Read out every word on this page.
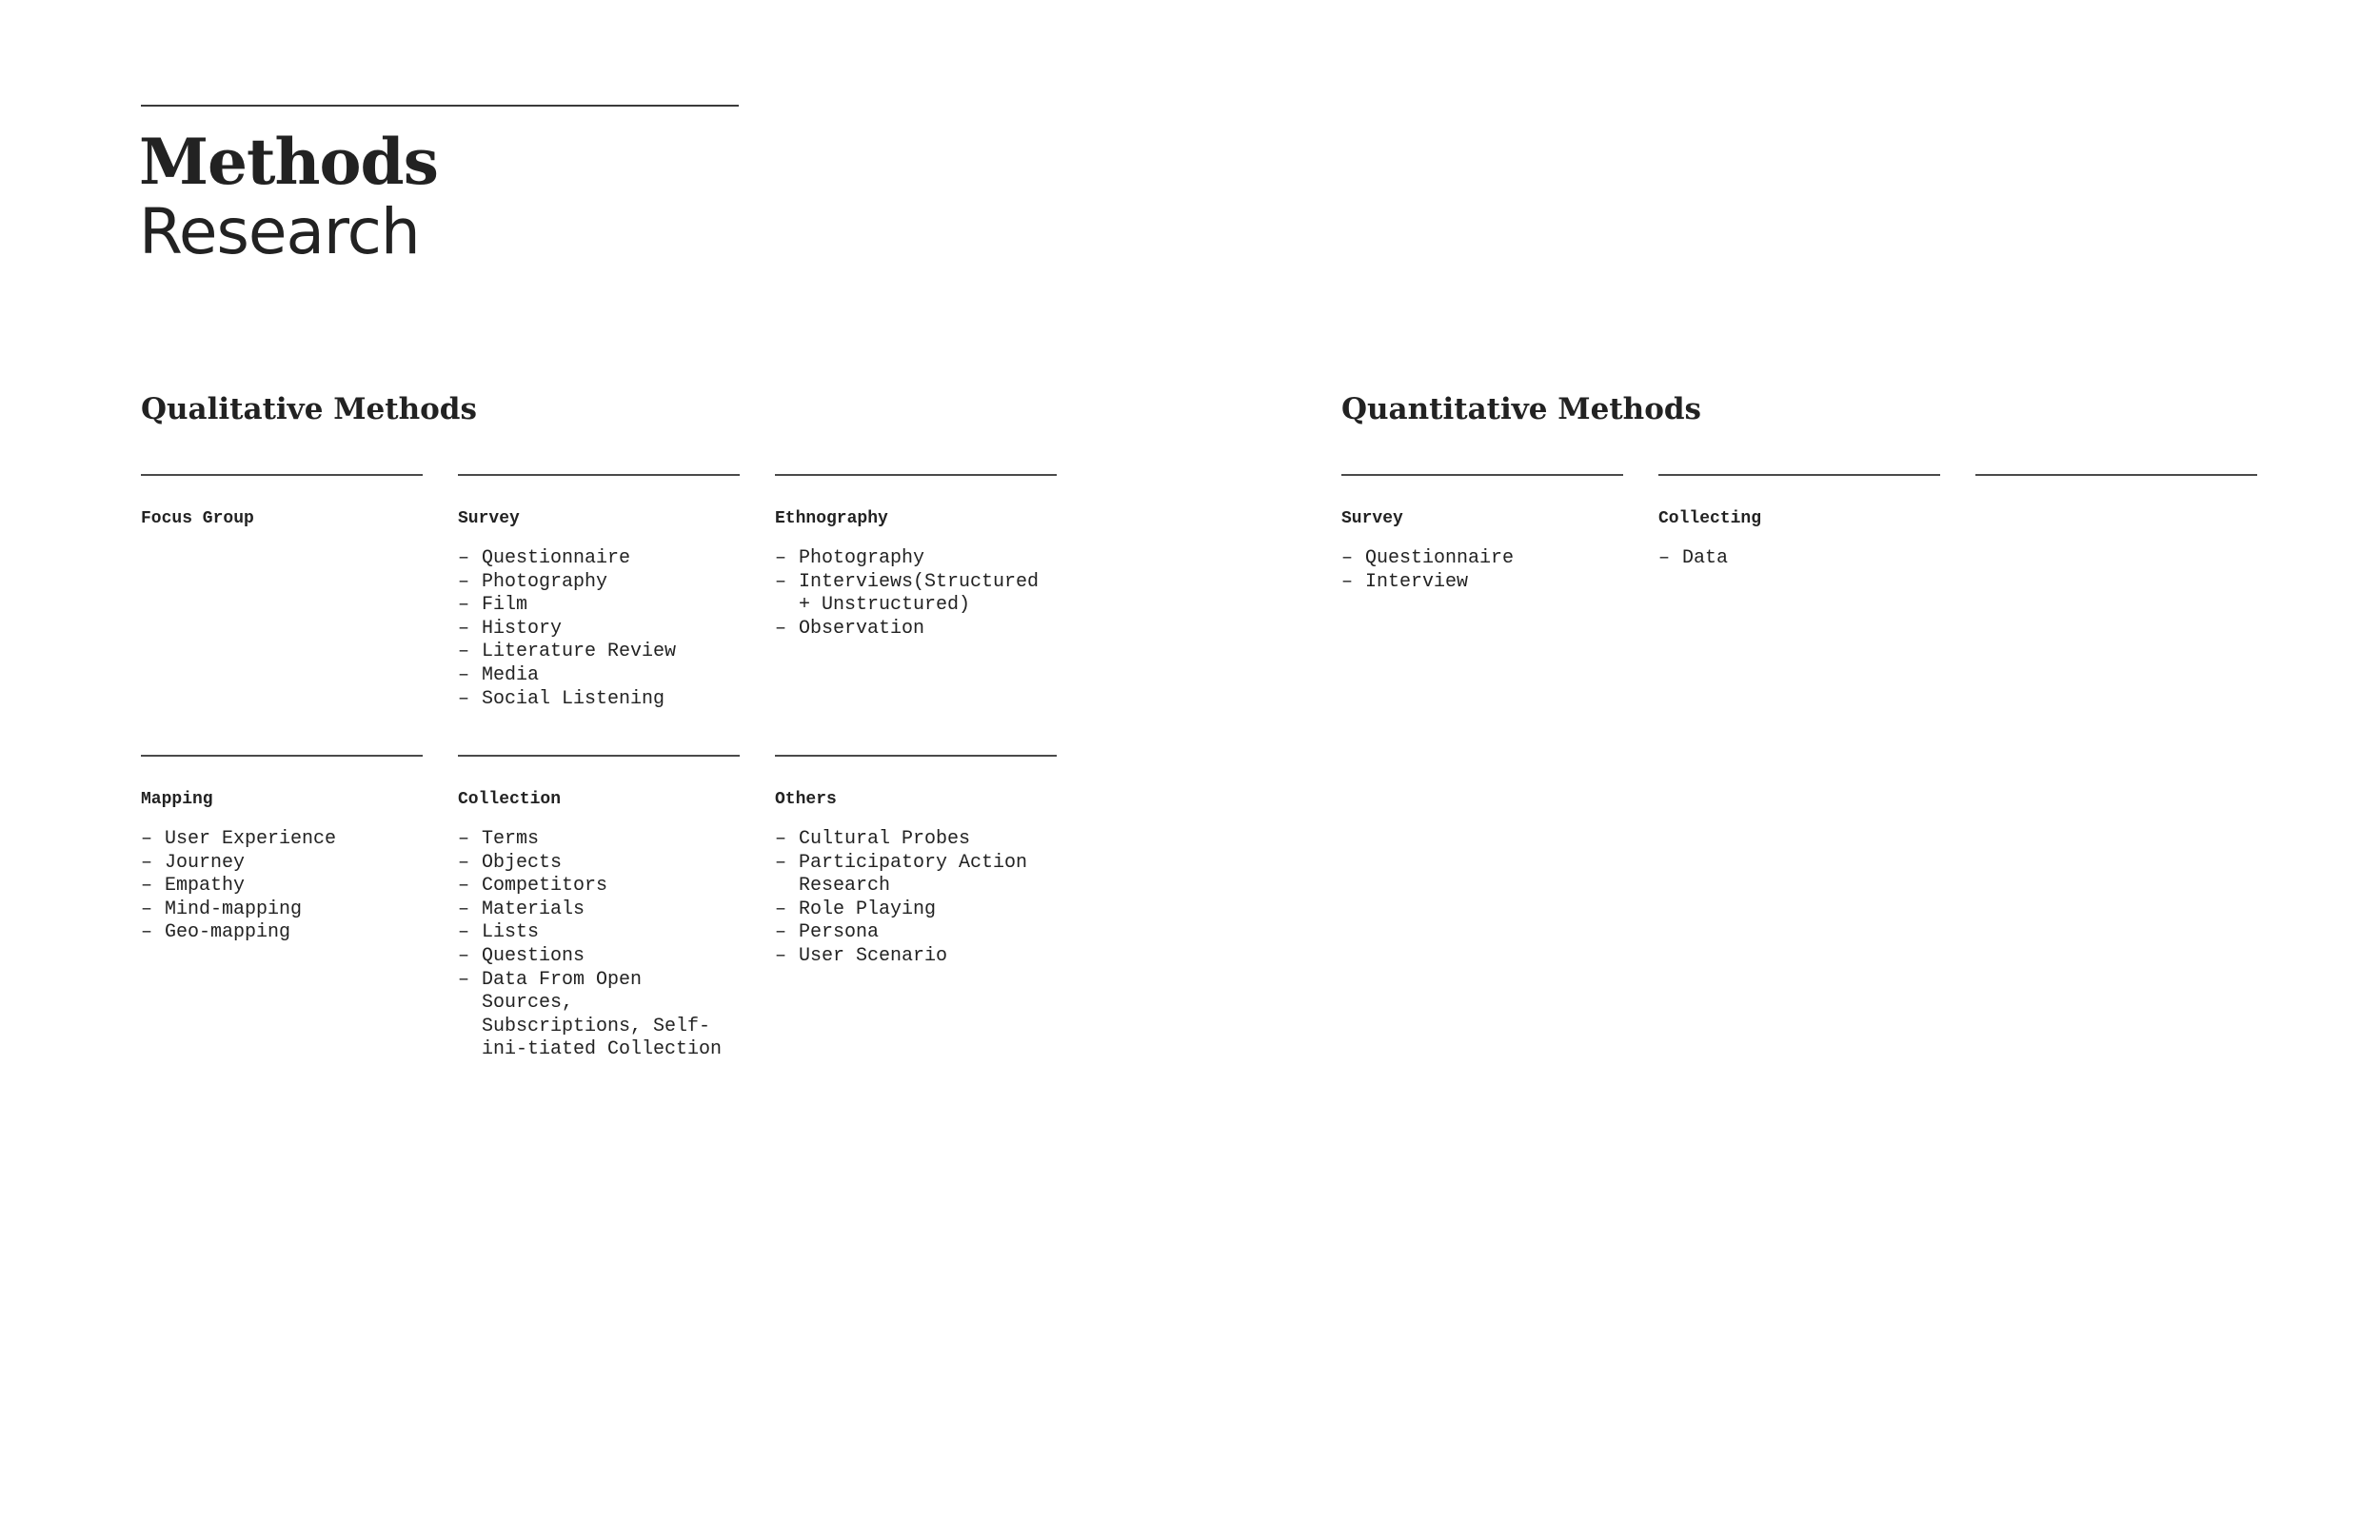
Methods
Research
Qualitative Methods
Focus Group	Survey
– Questionnaire
– Photography
– Film
– History
– Literature Review
– Media
– Social Listening
Ethnography
– Photography
– Interviews(Structured + Unstructured)
– Observation
Mapping
– User Experience
– Journey
– Empathy
– Mind-mapping
– Geo-mapping
Collection
– Terms
– Objects
– Competitors
– Materials
– Lists
– Questions
– Data From Open Sources, Subscriptions, Self-ini-tiated Collection
Others
– Cultural Probes
– Participatory Action Research
– Role Playing
– Persona
– User Scenario
Quantitative Methods
Survey
– Questionnaire
– Interview
Collecting
– Data
